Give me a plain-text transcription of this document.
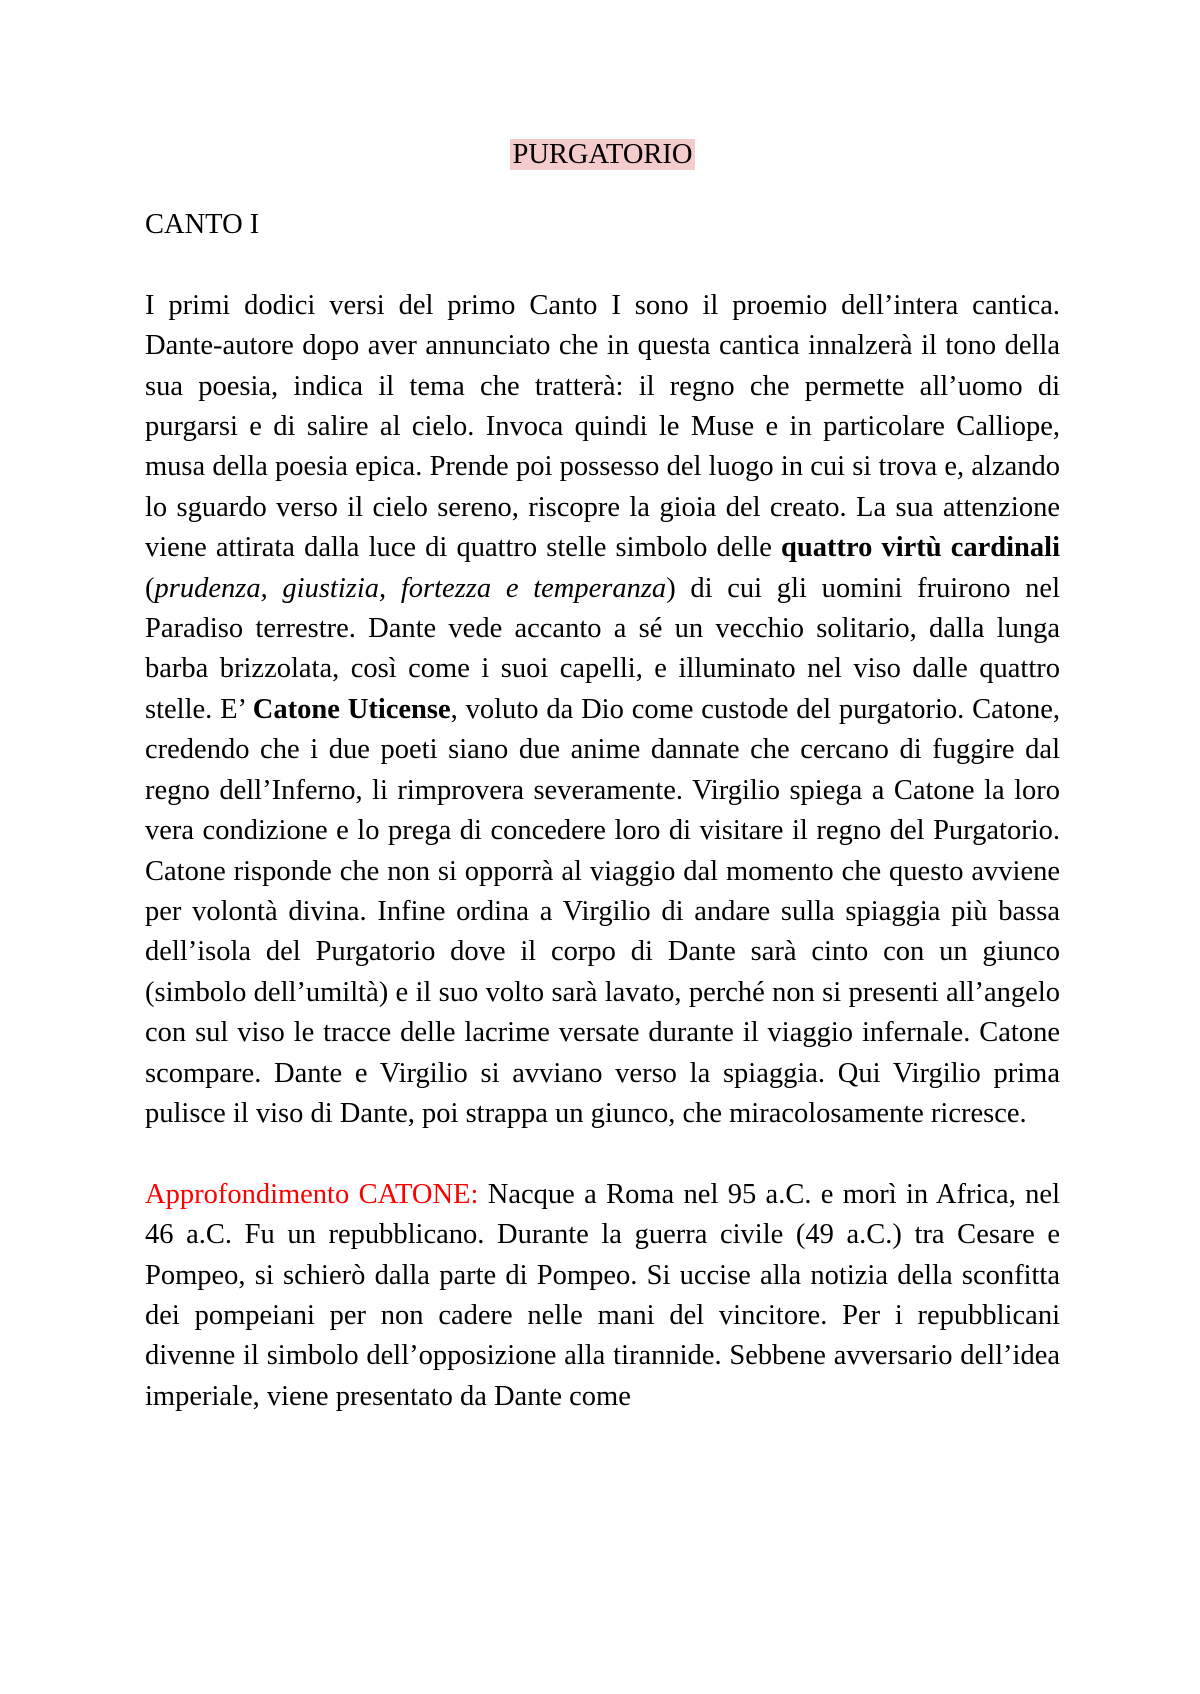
PURGATORIO
CANTO I

I primi dodici versi del primo Canto I sono il proemio dell’intera cantica. Dante-autore dopo aver annunciato che in questa cantica innalzerà il tono della sua poesia, indica il tema che tratterà: il regno che permette all’uomo di purgarsi e di salire al cielo. Invoca quindi le Muse e in particolare Calliope, musa della poesia epica. Prende poi possesso del luogo in cui si trova e, alzando lo sguardo verso il cielo sereno, riscopre la gioia del creato. La sua attenzione viene attirata dalla luce di quattro stelle simbolo delle quattro virtù cardinali (prudenza, giustizia, fortezza e temperanza) di cui gli uomini fruirono nel Paradiso terrestre. Dante vede accanto a sé un vecchio solitario, dalla lunga barba brizzolata, così come i suoi capelli, e illuminato nel viso dalle quattro stelle. E’ Catone Uticense, voluto da Dio come custode del purgatorio. Catone, credendo che i due poeti siano due anime dannate che cercano di fuggire dal regno dell’Inferno, li rimprovera severamente. Virgilio spiega a Catone la loro vera condizione e lo prega di concedere loro di visitare il regno del Purgatorio. Catone risponde che non si opporrà al viaggio dal momento che questo avviene per volontà divina. Infine ordina a Virgilio di andare sulla spiaggia più bassa dell’isola del Purgatorio dove il corpo di Dante sarà cinto con un giunco (simbolo dell’umiltà) e il suo volto sarà lavato, perché non si presenti all’angelo con sul viso le tracce delle lacrime versate durante il viaggio infernale. Catone scompare. Dante e Virgilio si avviano verso la spiaggia. Qui Virgilio prima pulisce il viso di Dante, poi strappa un giunco, che miracolosamente ricresce.

Approfondimento CATONE: Nacque a Roma nel 95 a.C. e morì in Africa, nel 46 a.C. Fu un repubblicano. Durante la guerra civile (49 a.C.) tra Cesare e Pompeo, si schierò dalla parte di Pompeo. Si uccise alla notizia della sconfitta dei pompeiani per non cadere nelle mani del vincitore. Per i repubblicani divenne il simbolo dell’opposizione alla tirannide. Sebbene avversario dell’idea imperiale, viene presentato da Dante come
